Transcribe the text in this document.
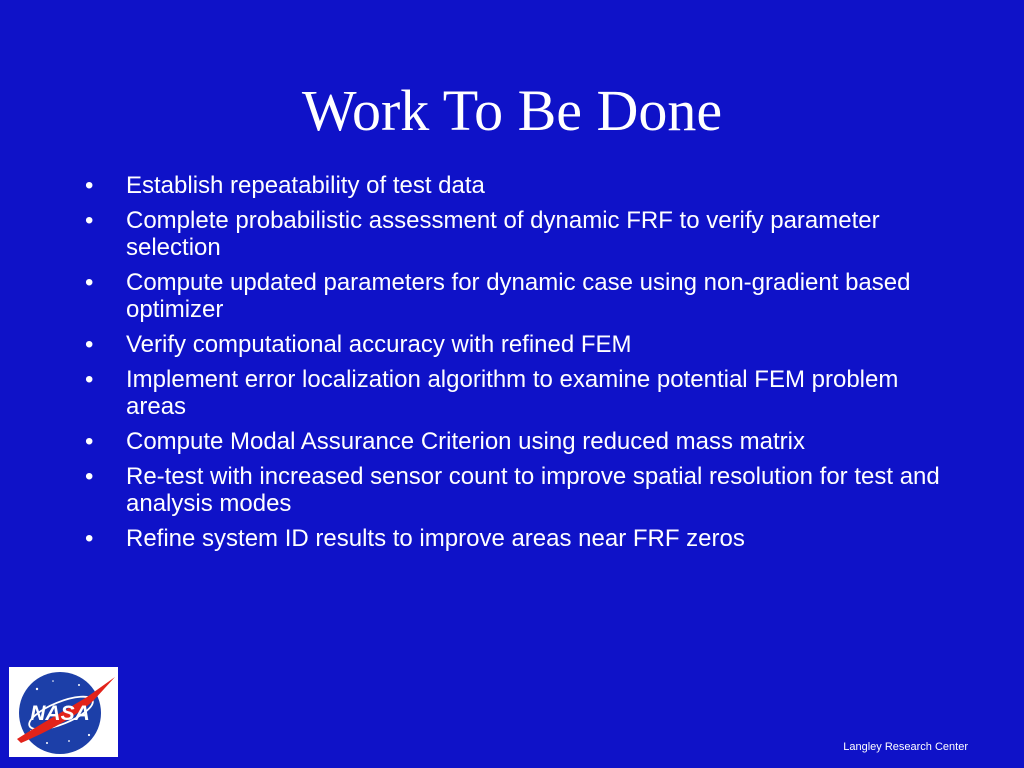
Work To Be Done
•	Establish repeatability of test data
•	Complete probabilistic assessment of dynamic FRF to verify parameter selection
•	Compute updated parameters for dynamic case using non-gradient based optimizer
•	Verify computational accuracy with refined FEM
•	Implement error localization algorithm to examine potential FEM problem areas
•	Compute Modal Assurance Criterion using reduced mass matrix
•	Re-test with increased sensor count to improve spatial resolution for test and analysis modes
•	Refine system ID results to improve areas near FRF zeros
NASA
Langley Research Center
